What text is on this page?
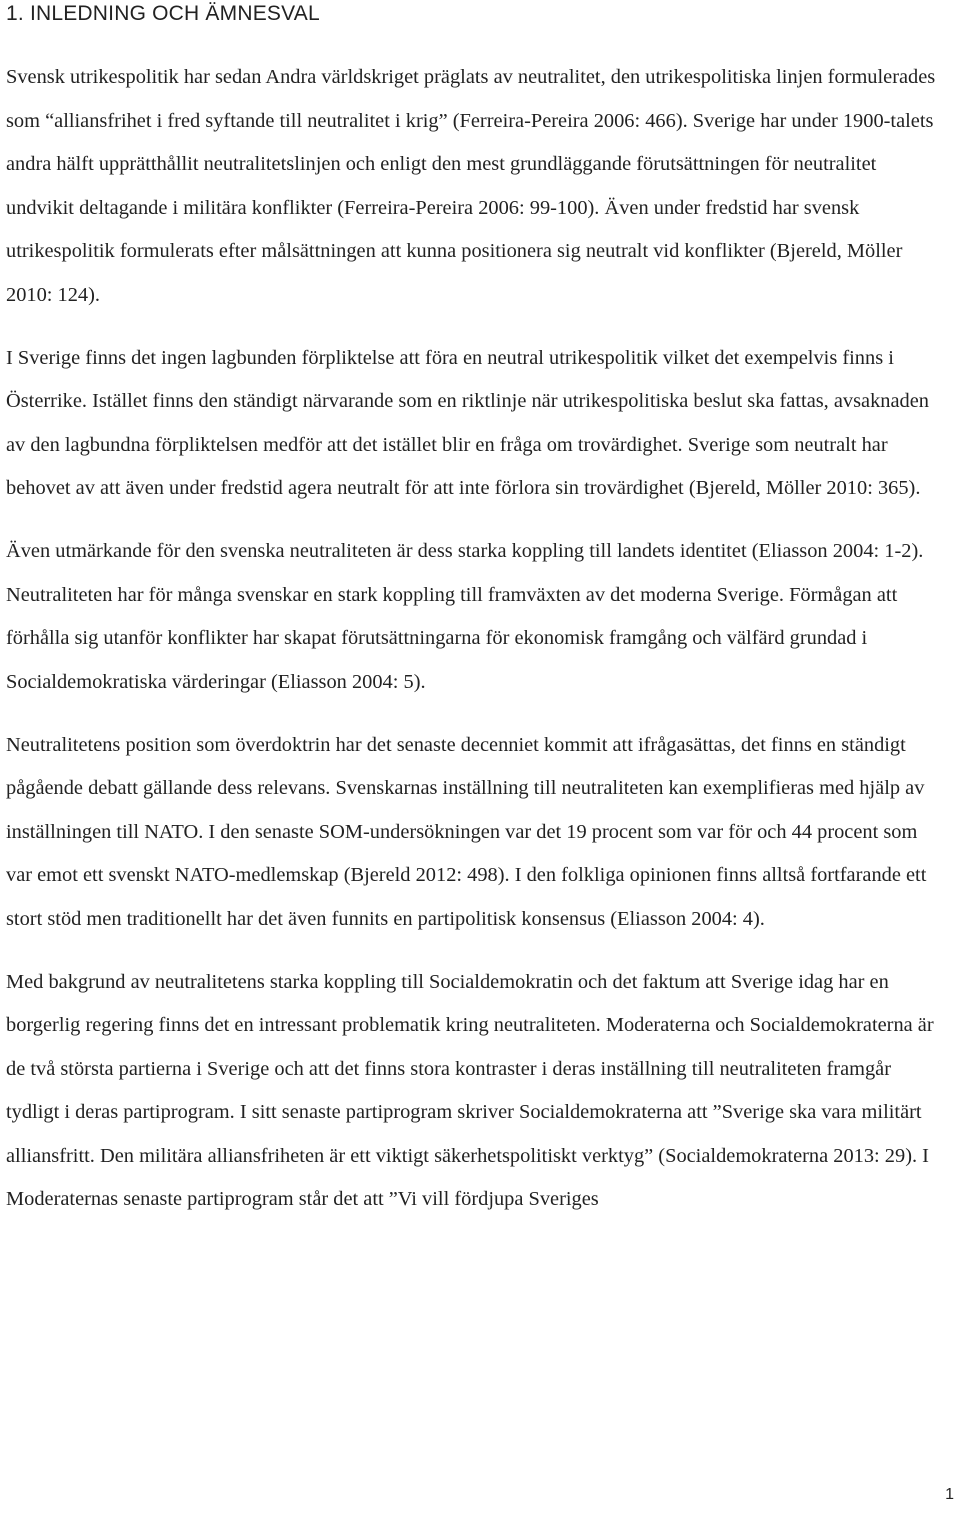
1. INLEDNING OCH ÄMNESVAL

Svensk utrikespolitik har sedan Andra världskriget präglats av neutralitet, den utrikespolitiska linjen formulerades som “alliansfrihet i fred syftande till neutralitet i krig” (Ferreira-Pereira 2006: 466). Sverige har under 1900-talets andra hälft upprätthållit neutralitetslinjen och enligt den mest grundläggande förutsättningen för neutralitet undvikit deltagande i militära konflikter (Ferreira-Pereira 2006: 99-100). Även under fredstid har svensk utrikespolitik formulerats efter målsättningen att kunna positionera sig neutralt vid konflikter (Bjereld, Möller 2010: 124).

I Sverige finns det ingen lagbunden förpliktelse att föra en neutral utrikespolitik vilket det exempelvis finns i Österrike. Istället finns den ständigt närvarande som en riktlinje när utrikespolitiska beslut ska fattas, avsaknaden av den lagbundna förpliktelsen medför att det istället blir en fråga om trovärdighet. Sverige som neutralt har behovet av att även under fredstid agera neutralt för att inte förlora sin trovärdighet (Bjereld, Möller 2010: 365).

Även utmärkande för den svenska neutraliteten är dess starka koppling till landets identitet (Eliasson 2004: 1-2). Neutraliteten har för många svenskar en stark koppling till framväxten av det moderna Sverige. Förmågan att förhålla sig utanför konflikter har skapat förutsättningarna för ekonomisk framgång och välfärd grundad i Socialdemokratiska värderingar (Eliasson 2004: 5).

Neutralitetens position som överdoktrin har det senaste decenniet kommit att ifrågasättas, det finns en ständigt pågående debatt gällande dess relevans. Svenskarnas inställning till neutraliteten kan exemplifieras med hjälp av inställningen till NATO. I den senaste SOM-undersökningen var det 19 procent som var för och 44 procent som var emot ett svenskt NATO-medlemskap (Bjereld 2012: 498). I den folkliga opinionen finns alltså fortfarande ett stort stöd men traditionellt har det även funnits en partipolitisk konsensus (Eliasson 2004: 4).

Med bakgrund av neutralitetens starka koppling till Socialdemokratin och det faktum att Sverige idag har en borgerlig regering finns det en intressant problematik kring neutraliteten. Moderaterna och Socialdemokraterna är de två största partierna i Sverige och att det finns stora kontraster i deras inställning till neutraliteten framgår tydligt i deras partiprogram. I sitt senaste partiprogram skriver Socialdemokraterna att ”Sverige ska vara militärt alliansfritt. Den militära alliansfriheten är ett viktigt säkerhetspolitiskt verktyg” (Socialdemokraterna 2013: 29). I Moderaternas senaste partiprogram står det att ”Vi vill fördjupa Sveriges

1
